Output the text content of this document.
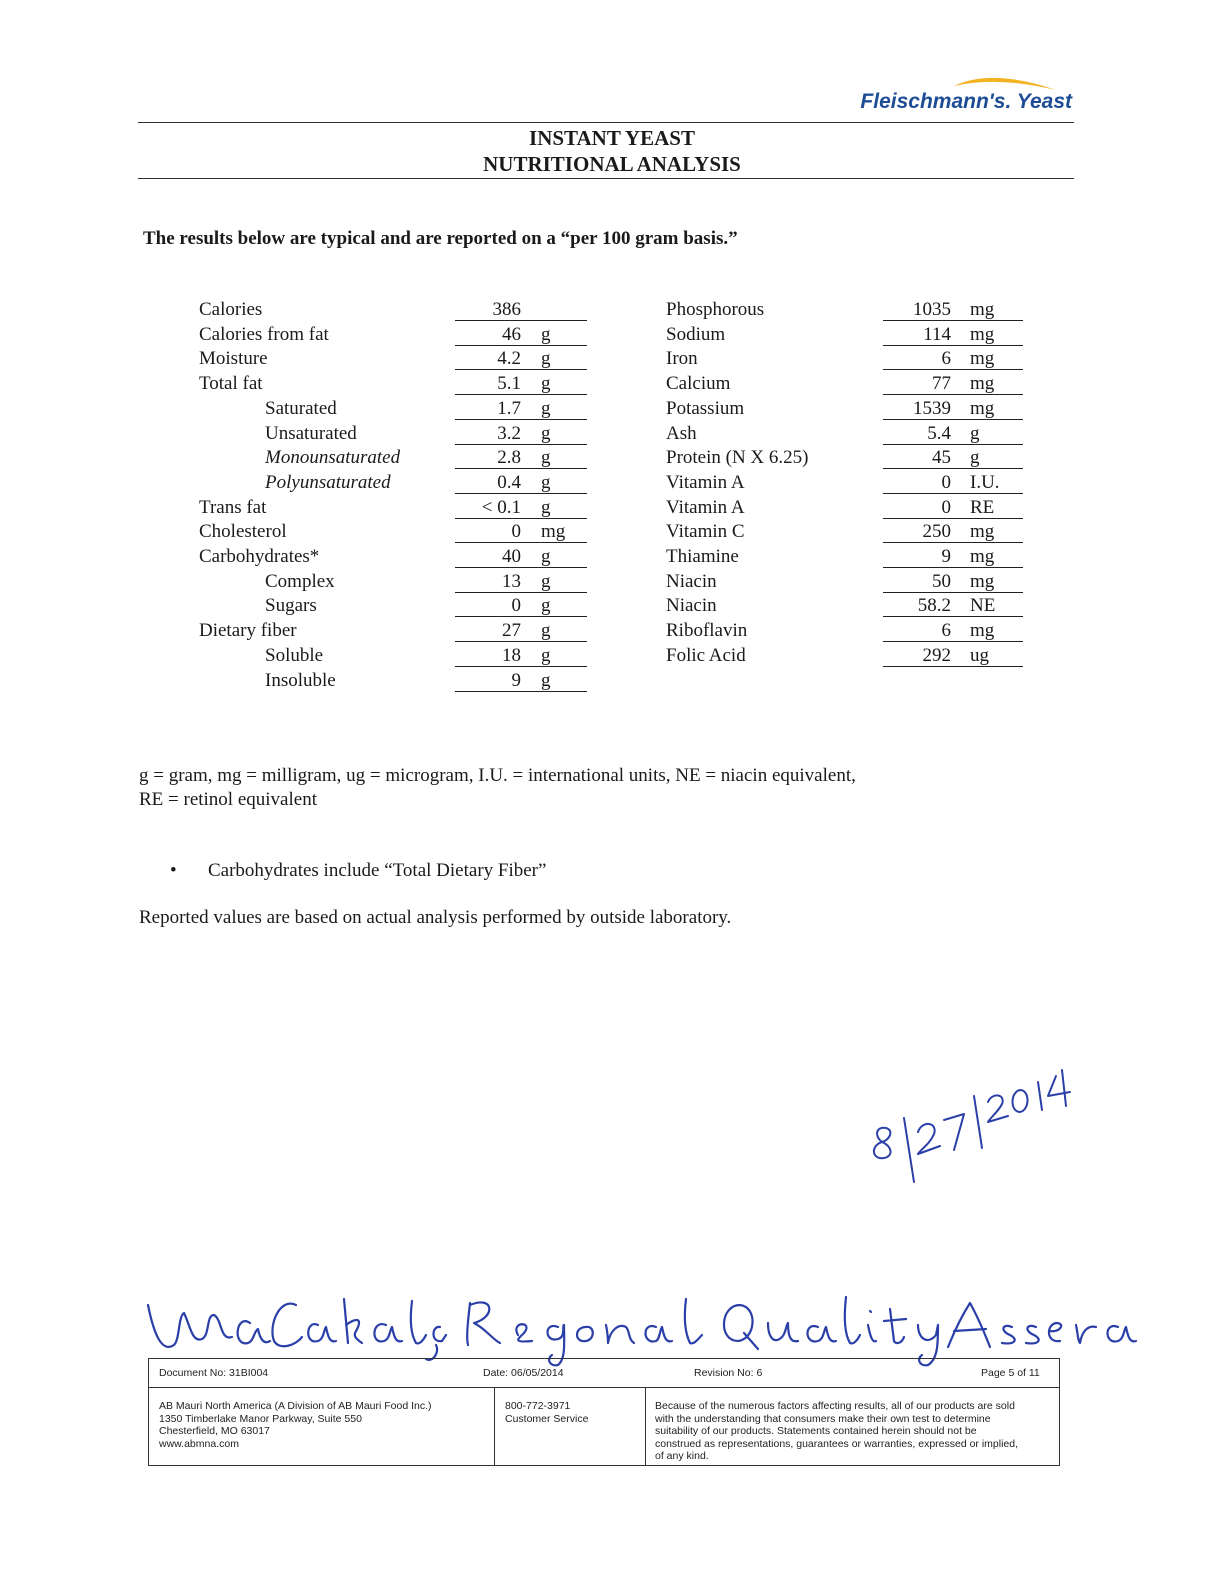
Fleischmann's. Yeast
INSTANT YEAST
NUTRITIONAL ANALYSIS
The results below are typical and are reported on a “per 100 gram basis.”
Calories	386
Calories from fat	46 g
Moisture	4.2 g
Total fat	5.1 g
Saturated	1.7 g
Unsaturated	3.2 g
Monounsaturated	2.8 g
Polyunsaturated	0.4 g
Trans fat	< 0.1 g
Cholesterol	0 mg
Carbohydrates*	40 g
Complex	13 g
Sugars	0 g
Dietary fiber	27 g
Soluble	18 g
Insoluble	9 g
Phosphorous	1035 mg
Sodium	114 mg
Iron	6 mg
Calcium	77 mg
Potassium	1539 mg
Ash	5.4 g
Protein (N X 6.25)	45 g
Vitamin A	0 I.U.
Vitamin A	0 RE
Vitamin C	250 mg
Thiamine	9 mg
Niacin	50 mg
Niacin	58.2 NE
Riboflavin	6 mg
Folic Acid	292 ug
g = gram, mg = milligram, ug = microgram, I.U. = international units, NE = niacin equivalent,
RE = retinol equivalent
• Carbohydrates include “Total Dietary Fiber”
Reported values are based on actual analysis performed by outside laboratory.
Document No: 31BI004	Date: 06/05/2014	Revision No: 6	Page 5 of 11
AB Mauri North America (A Division of AB Mauri Food Inc.)
1350 Timberlake Manor Parkway, Suite 550
Chesterfield, MO 63017
www.abmna.com
800-772-3971
Customer Service
Because of the numerous factors affecting results, all of our products are sold
with the understanding that consumers make their own test to determine
suitability of our products. Statements contained herein should not be
construed as representations, guarantees or warranties, expressed or implied,
of any kind.
